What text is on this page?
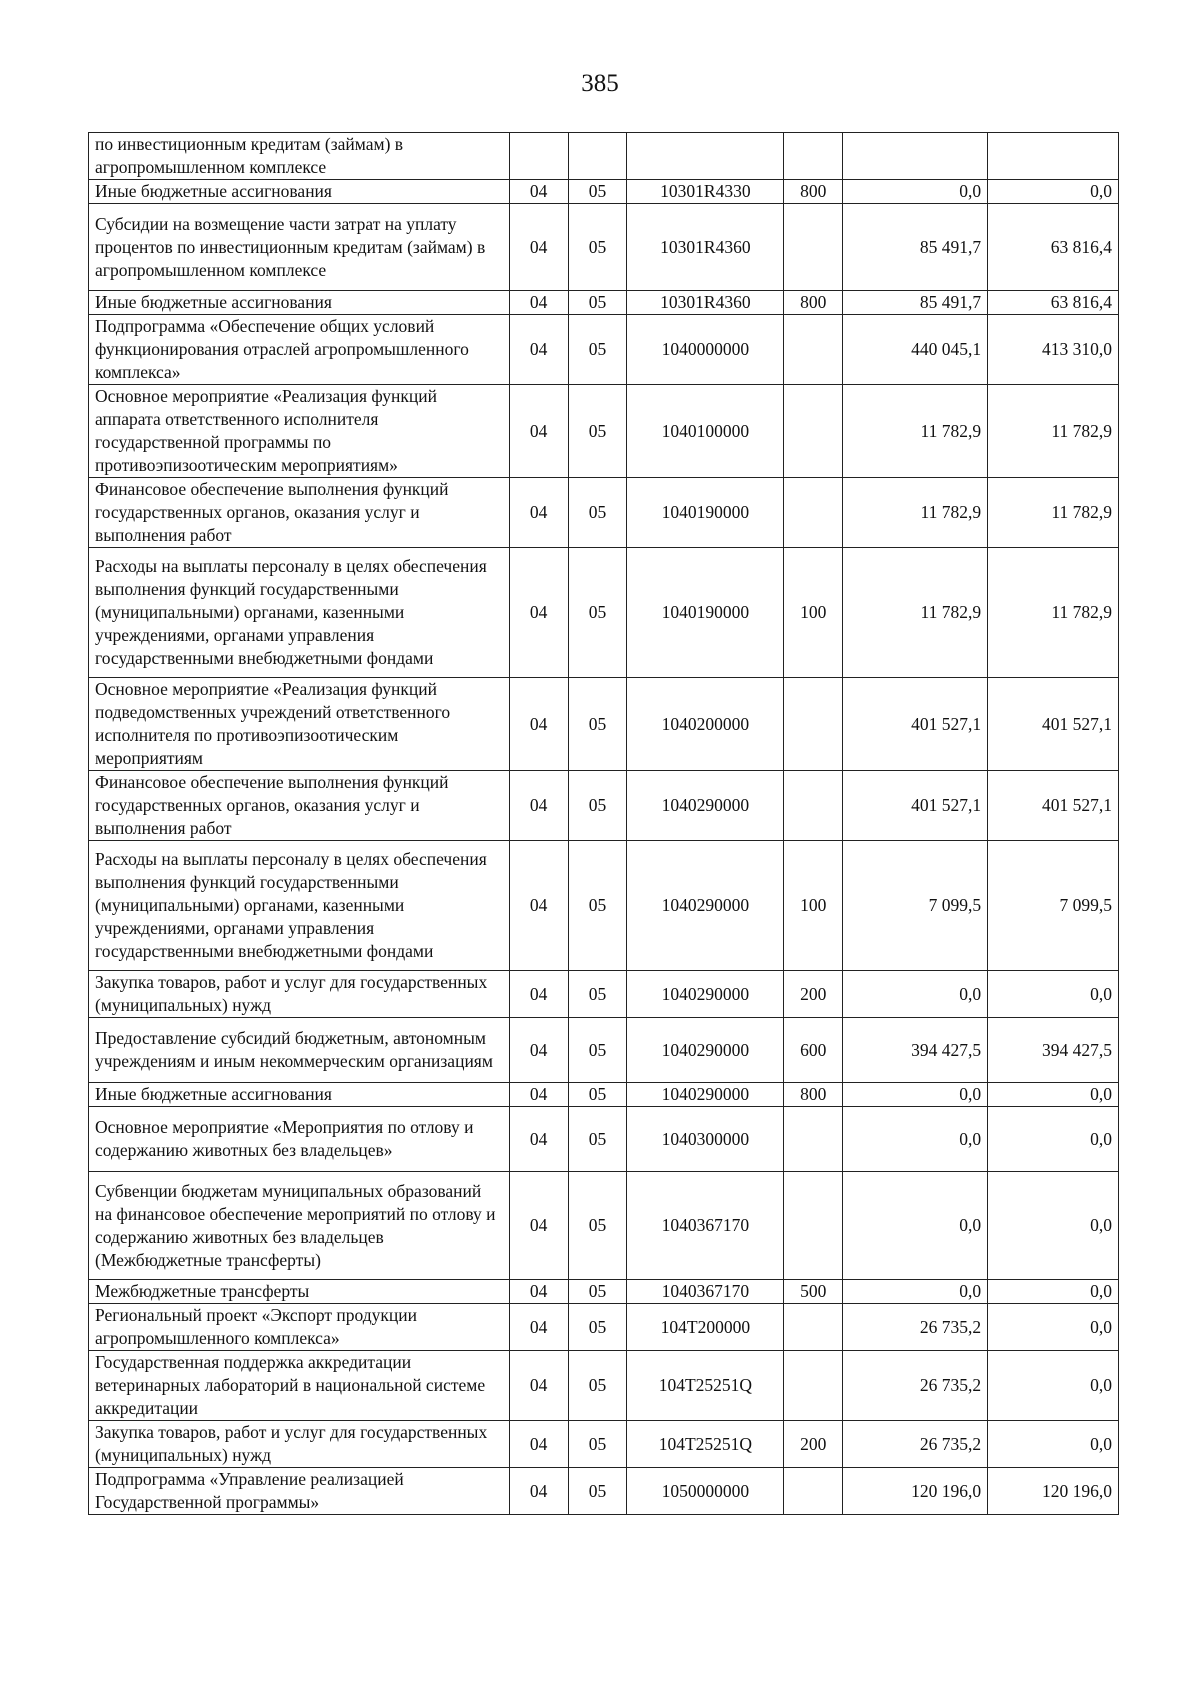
385
по инвестиционным кредитам (займам) в агропромышленном комплексе						
Иные бюджетные ассигнования	04	05	10301R4330	800	0,0	0,0
Субсидии на возмещение части затрат на уплату процентов по инвестиционным кредитам (займам) в агропромышленном комплексе	04	05	10301R4360		85 491,7	63 816,4
Иные бюджетные ассигнования	04	05	10301R4360	800	85 491,7	63 816,4
Подпрограмма «Обеспечение общих условий функционирования отраслей агропромышленного комплекса»	04	05	1040000000		440 045,1	413 310,0
Основное мероприятие «Реализация функций аппарата ответственного исполнителя государственной программы по противоэпизоотическим мероприятиям»	04	05	1040100000		11 782,9	11 782,9
Финансовое обеспечение выполнения функций государственных органов, оказания услуг и выполнения работ	04	05	1040190000		11 782,9	11 782,9
Расходы на выплаты персоналу в целях обеспечения выполнения функций государственными (муниципальными) органами, казенными учреждениями, органами управления государственными внебюджетными фондами	04	05	1040190000	100	11 782,9	11 782,9
Основное мероприятие «Реализация функций подведомственных учреждений ответственного исполнителя по противоэпизоотическим мероприятиям	04	05	1040200000		401 527,1	401 527,1
Финансовое обеспечение выполнения функций государственных органов, оказания услуг и выполнения работ	04	05	1040290000		401 527,1	401 527,1
Расходы на выплаты персоналу в целях обеспечения выполнения функций государственными (муниципальными) органами, казенными учреждениями, органами управления государственными внебюджетными фондами	04	05	1040290000	100	7 099,5	7 099,5
Закупка товаров, работ и услуг для государственных (муниципальных) нужд	04	05	1040290000	200	0,0	0,0
Предоставление субсидий бюджетным, автономным учреждениям и иным некоммерческим организациям	04	05	1040290000	600	394 427,5	394 427,5
Иные бюджетные ассигнования	04	05	1040290000	800	0,0	0,0
Основное мероприятие «Мероприятия по отлову и содержанию животных без владельцев»	04	05	1040300000		0,0	0,0
Субвенции бюджетам муниципальных образований на финансовое обеспечение мероприятий по отлову и содержанию животных без владельцев (Межбюджетные трансферты)	04	05	1040367170		0,0	0,0
Межбюджетные трансферты	04	05	1040367170	500	0,0	0,0
Региональный проект «Экспорт продукции агропромышленного комплекса»	04	05	104T200000		26 735,2	0,0
Государственная поддержка аккредитации ветеринарных лабораторий в национальной системе аккредитации	04	05	104T25251Q		26 735,2	0,0
Закупка товаров, работ и услуг для государственных (муниципальных) нужд	04	05	104T25251Q	200	26 735,2	0,0
Подпрограмма «Управление реализацией Государственной программы»	04	05	1050000000		120 196,0	120 196,0
